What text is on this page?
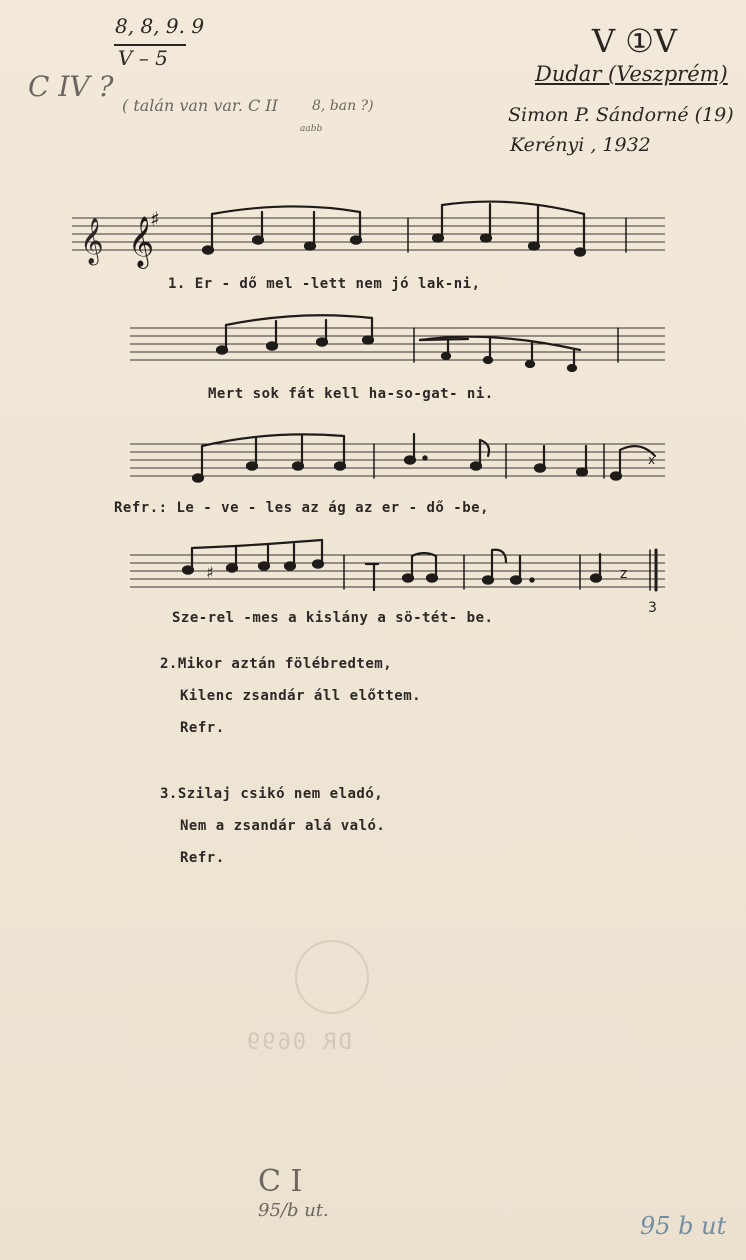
8, 8, 9. 9
V – 5
C IV ?
( talán van var. C II 8, ban ?)
aabb
V ①V
Dudar (Veszprém)
Simon P. Sándorné (19)
Kerényi , 1932
𝄞 𝄞
♯
x
♯	z
3
1. Er - dő mel -lett nem jó lak-ni,
Mert sok fát kell ha-so-gat- ni.
Refr.: Le - ve - les az ág az er - dő -be,
Sze-rel -mes a kislány a sö-tét- be.
2.Mikor aztán fölébredtem,
Kilenc zsandár áll előttem.
Refr.
3.Szilaj csikó nem eladó,
Nem a zsandár alá való.
Refr.
DR 0699
C I
95/b ut.
95 b ut
